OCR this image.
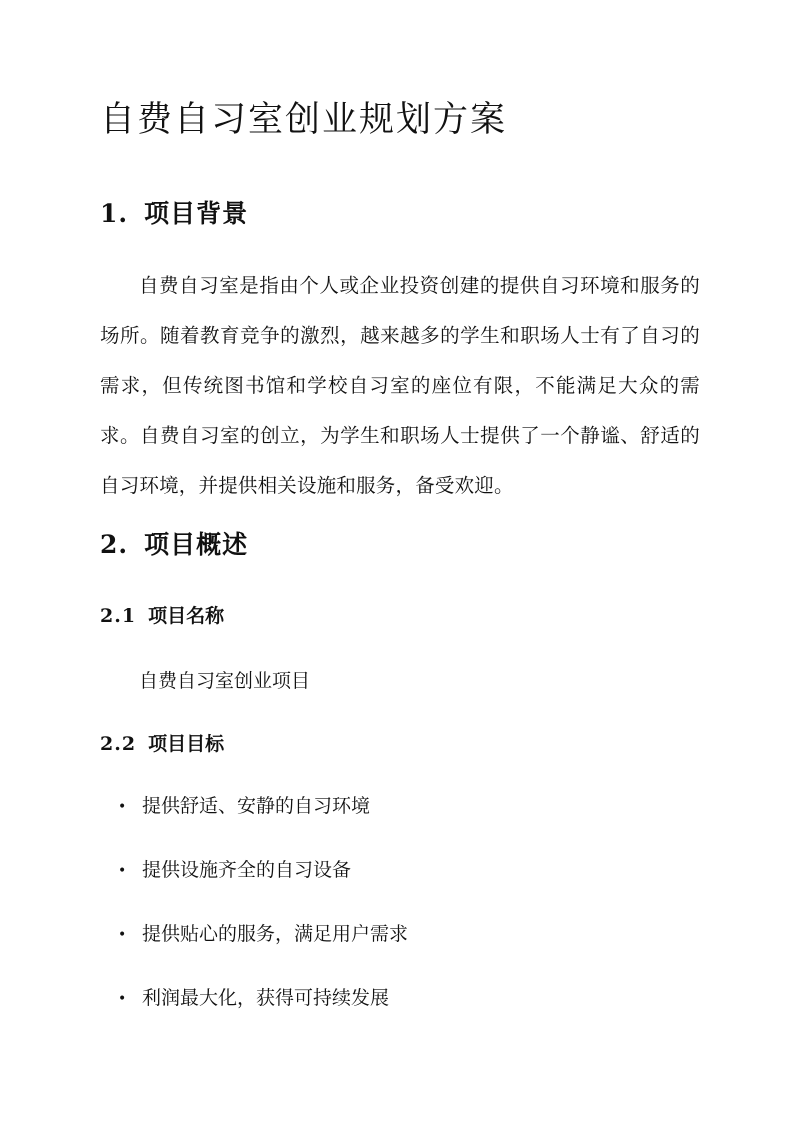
自费自习室创业规划方案
1. 项目背景

自费自习室是指由个人或企业投资创建的提供自习环境和服务的场所。随着教育竞争的激烈，越来越多的学生和职场人士有了自习的需求，但传统图书馆和学校自习室的座位有限，不能满足大众的需求。自费自习室的创立，为学生和职场人士提供了一个静谧、舒适的自习环境，并提供相关设施和服务，备受欢迎。

2. 项目概述
2.1 项目名称

自费自习室创业项目

2.2 项目目标
• 提供舒适、安静的自习环境
• 提供设施齐全的自习设备
• 提供贴心的服务，满足用户需求
• 利润最大化，获得可持续发展
